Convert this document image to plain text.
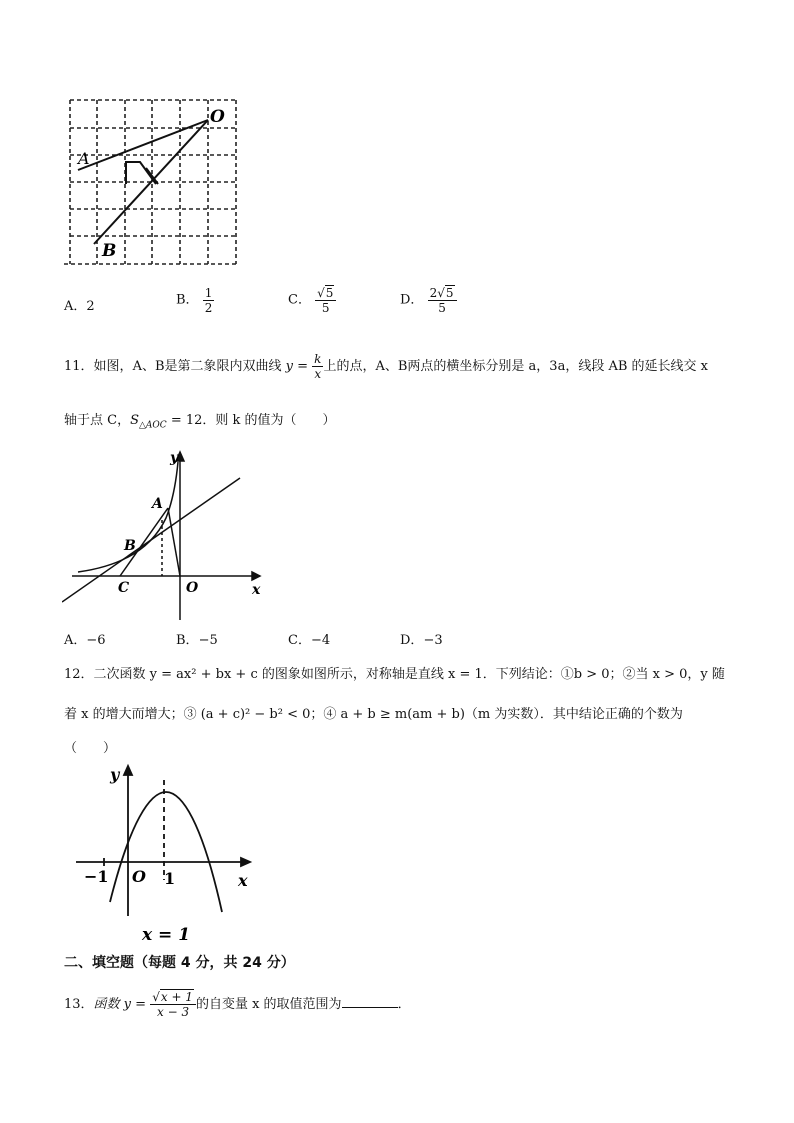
O
A
B
A．2	B． $\frac{1}{2}$	C． $\frac{√5}{5}$	D． $\frac{2√5}{5}$
11．如图，A、B是第二象限内双曲线 $y = \frac{k}{x}$ 上的点，A、B两点的横坐标分别是 a，3a，线段 AB 的延长线交 x
轴于点 C，$S_{\triangle AOC} = 12$．则 k 的值为（　　）
y
x
A
B
C	O
A．−6	B．−5	C．−4	D．−3
12．二次函数 y = ax² + bx + c 的图象如图所示，对称轴是直线 x = 1．下列结论：①b > 0；②当 x > 0，y 随
着 x 的增大而增大；③ (a + c)² − b² < 0；④ a + b ≥ m(am + b)（m 为实数）．其中结论正确的个数为
（　　）
y
x
−1 O 1
x = 1
二、填空题（每题 4 分，共 24 分）
13．函数 $y = \frac{√x + 1}{x - 3}$ 的自变量 x 的取值范围为	．
